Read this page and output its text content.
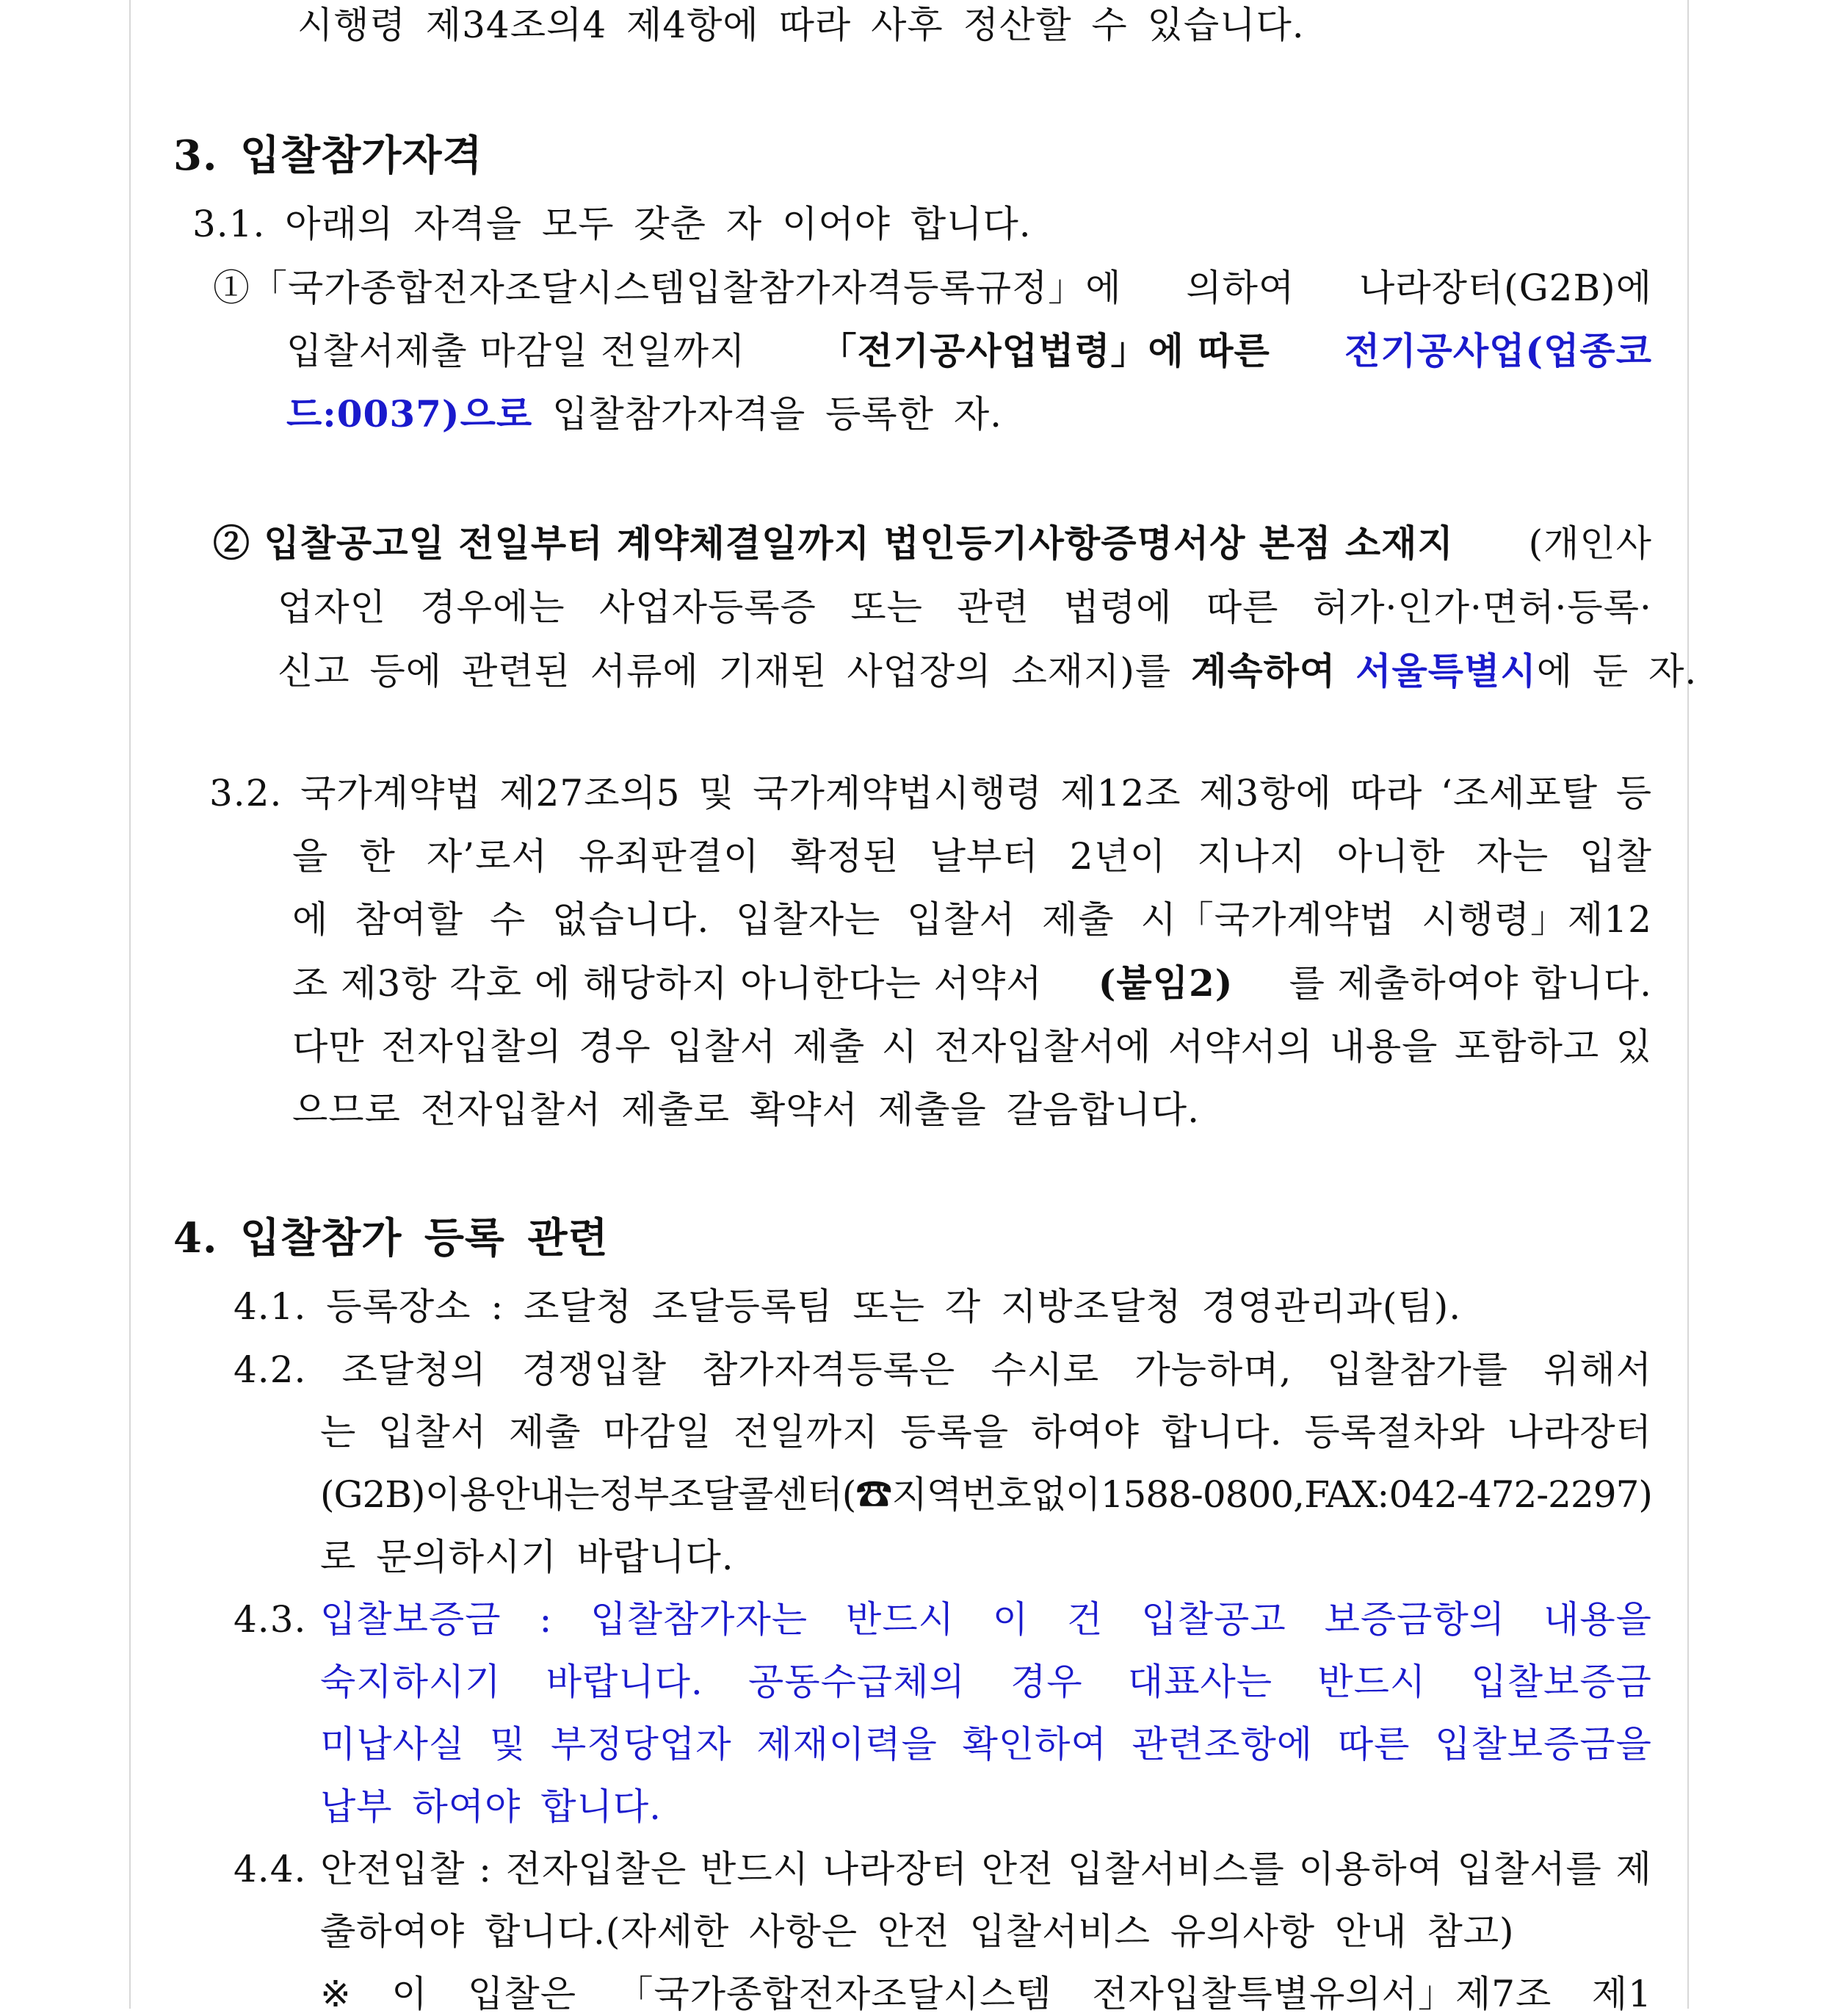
시행령 제34조의4 제4항에 따라 사후 정산할 수 있습니다.
3. 입찰참가자격
3.1. 아래의 자격을 모두 갖춘 자 이어야 합니다.
①「국가종합전자조달시스템입찰참가자격등록규정」에 의하여 나라장터(G2B)에
입찰서제출 마감일 전일까지 「전기공사업법령」에 따른 전기공사업(업종코
드:0037)으로 입찰참가자격을 등록한 자.
② 입찰공고일 전일부터 계약체결일까지 법인등기사항증명서상 본점 소재지 (개인사
업자인 경우에는 사업자등록증 또는 관련 법령에 따른 허가·인가·면허·등록·
신고 등에 관련된 서류에 기재된 사업장의 소재지)를 계속하여 서울특별시에 둔 자.
3.2. 국가계약법 제27조의5 및 국가계약법시행령 제12조 제3항에 따라 ‘조세포탈 등
을 한 자’로서 유죄판결이 확정된 날부터 2년이 지나지 아니한 자는 입찰
에 참여할 수 없습니다. 입찰자는 입찰서 제출 시「국가계약법 시행령」제12
조 제3항 각호 에 해당하지 아니한다는 서약서 (붙임2) 를 제출하여야 합니다.
다만 전자입찰의 경우 입찰서 제출 시 전자입찰서에 서약서의 내용을 포함하고 있
으므로 전자입찰서 제출로 확약서 제출을 갈음합니다.
4. 입찰참가 등록 관련
4.1. 등록장소 : 조달청 조달등록팀 또는 각 지방조달청 경영관리과(팀).
4.2. 조달청의 경쟁입찰 참가자격등록은 수시로 가능하며, 입찰참가를 위해서
는 입찰서 제출 마감일 전일까지 등록을 하여야 합니다. 등록절차와 나라장터
(G2B) 이용안내는 정부조달콜센터(☎ 지역번호없이 1588-0800, FAX: 042-472-2297)
로 문의하시기 바랍니다.
4.3. 입찰보증금 : 입찰참가자는 반드시 이 건 입찰공고 보증금항의 내용을
숙지하시기 바랍니다. 공동수급체의 경우 대표사는 반드시 입찰보증금
미납사실 및 부정당업자 제재이력을 확인하여 관련조항에 따른 입찰보증금을
납부 하여야 합니다.
4.4. 안전입찰 : 전자입찰은 반드시 나라장터 안전 입찰서비스를 이용하여 입찰서를 제
출하여야 합니다.(자세한 사항은 안전 입찰서비스 유의사항 안내 참고)
※ 이 입찰은 「국가종합전자조달시스템 전자입찰특별유의서」제7조 제1
